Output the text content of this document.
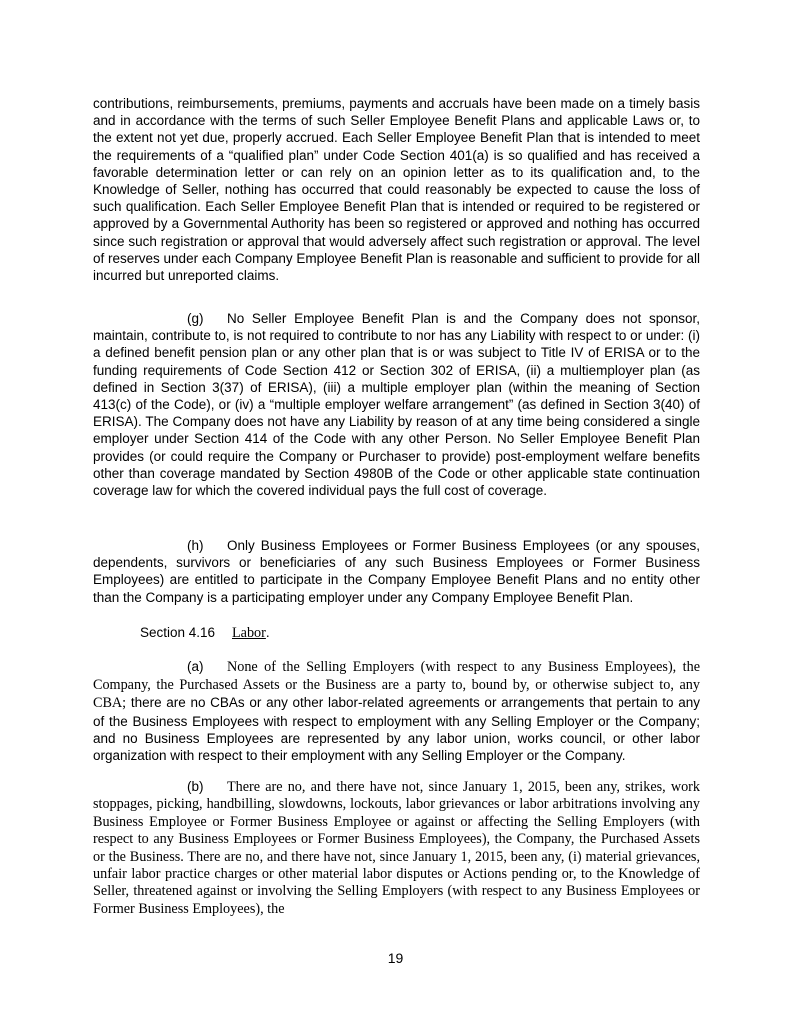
contributions, reimbursements, premiums, payments and accruals have been made on a timely basis and in accordance with the terms of such Seller Employee Benefit Plans and applicable Laws or, to the extent not yet due, properly accrued. Each Seller Employee Benefit Plan that is intended to meet the requirements of a “qualified plan” under Code Section 401(a) is so qualified and has received a favorable determination letter or can rely on an opinion letter as to its qualification and, to the Knowledge of Seller, nothing has occurred that could reasonably be expected to cause the loss of such qualification. Each Seller Employee Benefit Plan that is intended or required to be registered or approved by a Governmental Authority has been so registered or approved and nothing has occurred since such registration or approval that would adversely affect such registration or approval. The level of reserves under each Company Employee Benefit Plan is reasonable and sufficient to provide for all incurred but unreported claims.

(g) No Seller Employee Benefit Plan is and the Company does not sponsor, maintain, contribute to, is not required to contribute to nor has any Liability with respect to or under: (i) a defined benefit pension plan or any other plan that is or was subject to Title IV of ERISA or to the funding requirements of Code Section 412 or Section 302 of ERISA, (ii) a multiemployer plan (as defined in Section 3(37) of ERISA), (iii) a multiple employer plan (within the meaning of Section 413(c) of the Code), or (iv) a “multiple employer welfare arrangement” (as defined in Section 3(40) of ERISA). The Company does not have any Liability by reason of at any time being considered a single employer under Section 414 of the Code with any other Person. No Seller Employee Benefit Plan provides (or could require the Company or Purchaser to provide) post-employment welfare benefits other than coverage mandated by Section 4980B of the Code or other applicable state continuation coverage law for which the covered individual pays the full cost of coverage.

(h) Only Business Employees or Former Business Employees (or any spouses, dependents, survivors or beneficiaries of any such Business Employees or Former Business Employees) are entitled to participate in the Company Employee Benefit Plans and no entity other than the Company is a participating employer under any Company Employee Benefit Plan.

Section 4.16 Labor.

(a) None of the Selling Employers (with respect to any Business Employees), the Company, the Purchased Assets or the Business are a party to, bound by, or otherwise subject to, any CBA; there are no CBAs or any other labor-related agreements or arrangements that pertain to any of the Business Employees with respect to employment with any Selling Employer or the Company; and no Business Employees are represented by any labor union, works council, or other labor organization with respect to their employment with any Selling Employer or the Company.

(b) There are no, and there have not, since January 1, 2015, been any, strikes, work stoppages, picking, handbilling, slowdowns, lockouts, labor grievances or labor arbitrations involving any Business Employee or Former Business Employee or against or affecting the Selling Employers (with respect to any Business Employees or Former Business Employees), the Company, the Purchased Assets or the Business. There are no, and there have not, since January 1, 2015, been any, (i) material grievances, unfair labor practice charges or other material labor disputes or Actions pending or, to the Knowledge of Seller, threatened against or involving the Selling Employers (with respect to any Business Employees or Former Business Employees), the

19
